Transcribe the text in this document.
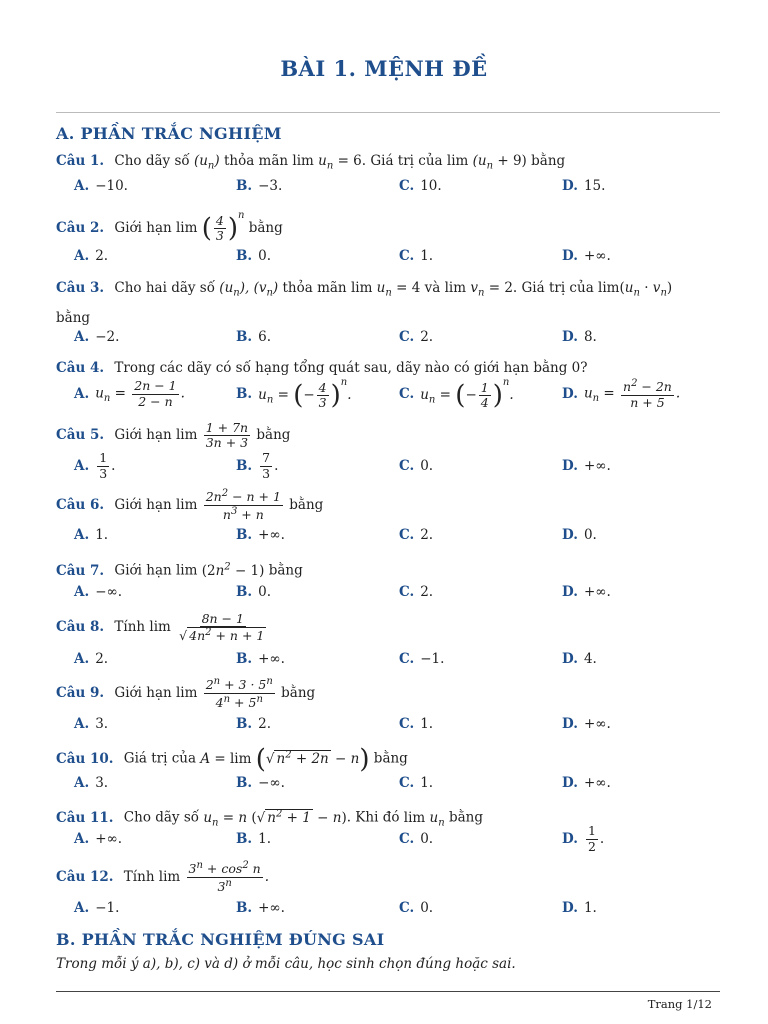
BÀI 1. MỆNH ĐỀ
A. PHẦN TRẮC NGHIỆM
Câu 1. Cho dãy số $(u_n)$ thỏa mãn $\lim u_n = 6$. Giá trị của $\lim (u_n + 9)$ bằng
A. −10.	B. −3.	C. 10.	D. 15.
Câu 2. Giới hạn lim ( $\frac{4}{3} )^n$ bằng
A. 2.	B. 0.	C. 1.	D. +∞.
Câu 3. Cho hai dãy số $(u_n)$, $(v_n)$ thỏa mãn $\lim u_n = 4$ và $\lim v_n = 2$. Giá trị của $\lim(u_n \cdot v_n)$
bằng
A. −2.	B. 6.	C. 2.	D. 8.
Câu 4. Trong các dãy có số hạng tổng quát sau, dãy nào có giới hạn bằng 0?
A. $u_n = \frac{2n - 1}{2 - n}$ .	B. $u_n$ = (− $\frac{4}{3} )^n$.	C. $u_n$ = (− $\frac{1}{4} )^n$.	D. $u_n = \frac{n^2 - 2n}{n + 5}$ .
Câu 5. Giới hạn $\lim \frac{1 + 7n}{3n + 3}$ bằng
A. $\frac{1}{3}$ .	B. $\frac{7}{3}$ .	C. 0.	D. +∞.
Câu 6. Giới hạn $\lim \frac{2n^2 - n + 1}{n^3 + n}$ bằng
A. 1.	B. +∞.	C. 2.	D. 0.
Câu 7. Giới hạn $\lim (2n^2 - 1)$ bằng
A. −∞.	B. 0.	C. 2.	D. +∞.
Câu 8. Tính $\lim \frac{8n - 1}{√ 4n^2 + n + 1}$
A. 2.	B. +∞.	C. −1.	D. 4.
Câu 9. Giới hạn $\lim \frac{2^n + 3 \cdot 5^n}{4^n + 5^n}$ bằng
A. 3.	B. 2.	C. 1.	D. +∞.
Câu 10. Giá trị của A = lim (√ $n^2 + 2n - n$) bằng
A. 3.	B. −∞.	C. 1.	D. +∞.
Câu 11. Cho dãy số $u_n = n$ (√ $n^2 + 1 - n$). Khi đó $\lim u_n$ bằng
A. +∞.	B. 1.	C. 0.	D. $\frac{1}{2}$ .
Câu 12. Tính $\lim \frac{3^n + \cos^2 n}{3^n}$ .
A. −1.	B. +∞.	C. 0.	D. 1.
B. PHẦN TRẮC NGHIỆM ĐÚNG SAI
Trong mỗi ý a), b), c) và d) ở mỗi câu, học sinh chọn đúng hoặc sai.
Trang 1/12
